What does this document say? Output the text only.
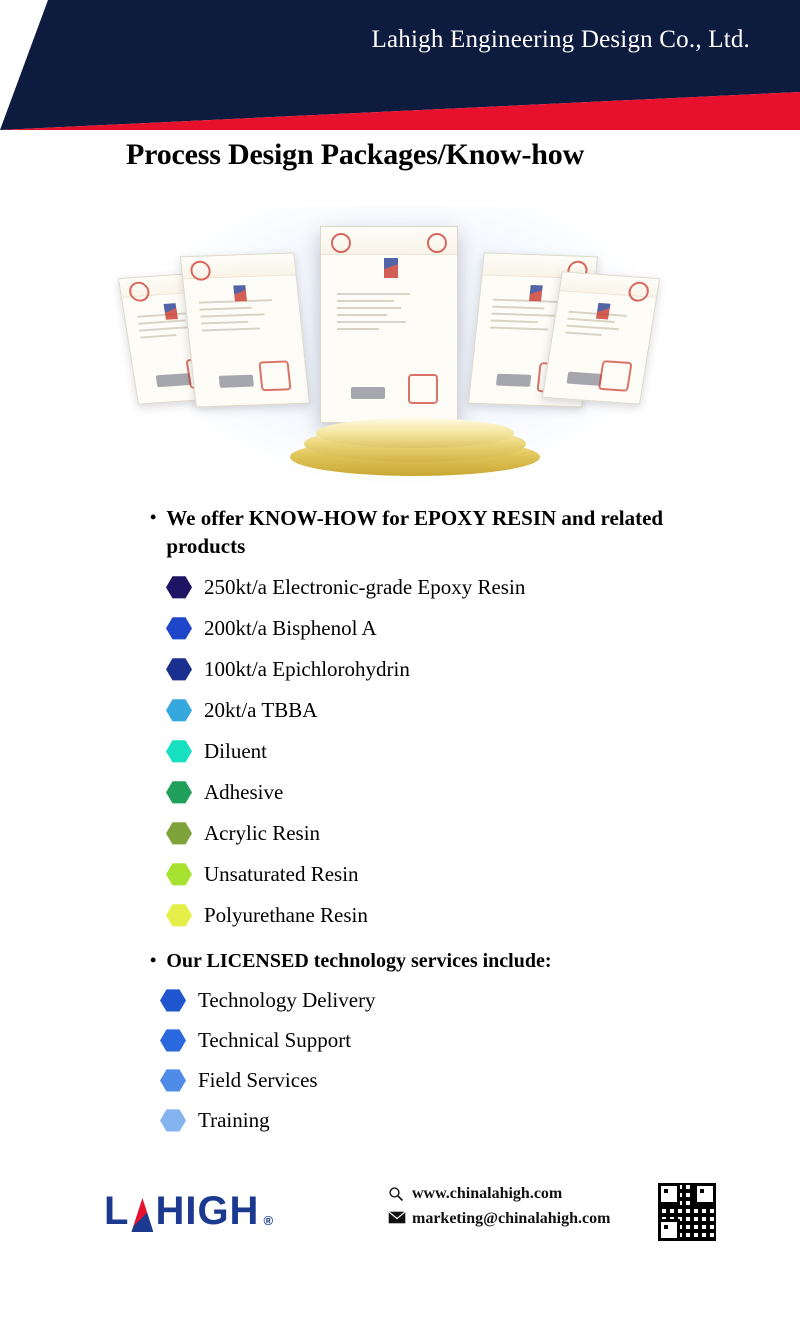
Lahigh Engineering Design Co., Ltd.
Process Design Packages/Know-how
• We offer KNOW-HOW for EPOXY RESIN and related products
250kt/a Electronic-grade Epoxy Resin
200kt/a Bisphenol A
100kt/a Epichlorohydrin
20kt/a TBBA
Diluent
Adhesive
Acrylic Resin
Unsaturated Resin
Polyurethane Resin
• Our LICENSED technology services include:
Technology Delivery
Technical Support
Field Services
Training
L HIGH ®
www.chinalahigh.com
marketing@chinalahigh.com
